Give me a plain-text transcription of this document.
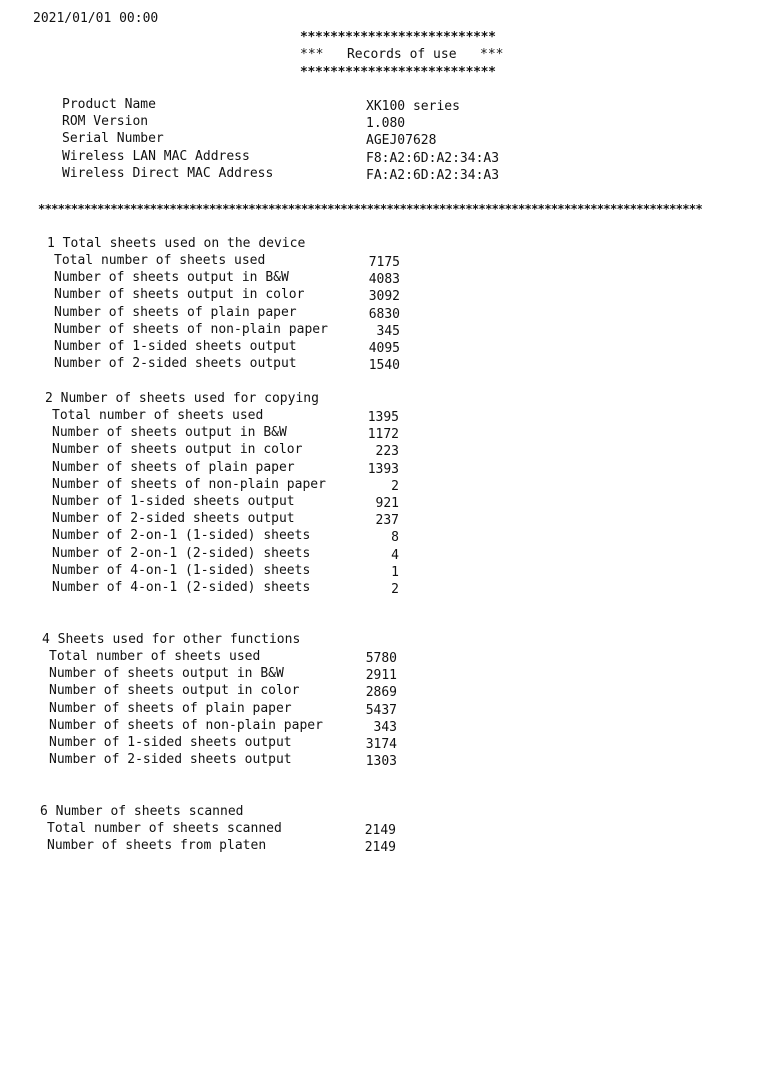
2021/01/01 00:00
**************************
***   Records of use   ***
**************************
Product Name	XK100 series
ROM Version	1.080
Serial Number	AGEJ07628
Wireless LAN MAC Address	F8:A2:6D:A2:34:A3
Wireless Direct MAC Address	FA:A2:6D:A2:34:A3
*****************************************************************************************************
1 Total sheets used on the device
Total number of sheets used	7175
Number of sheets output in B&W	4083
Number of sheets output in color	3092
Number of sheets of plain paper	6830
Number of sheets of non-plain paper	345
Number of 1-sided sheets output	4095
Number of 2-sided sheets output	1540
2 Number of sheets used for copying
Total number of sheets used	1395
Number of sheets output in B&W	1172
Number of sheets output in color	223
Number of sheets of plain paper	1393
Number of sheets of non-plain paper	2
Number of 1-sided sheets output	921
Number of 2-sided sheets output	237
Number of 2-on-1 (1-sided) sheets	8
Number of 2-on-1 (2-sided) sheets	4
Number of 4-on-1 (1-sided) sheets	1
Number of 4-on-1 (2-sided) sheets	2
4 Sheets used for other functions
Total number of sheets used	5780
Number of sheets output in B&W	2911
Number of sheets output in color	2869
Number of sheets of plain paper	5437
Number of sheets of non-plain paper	343
Number of 1-sided sheets output	3174
Number of 2-sided sheets output	1303
6 Number of sheets scanned
Total number of sheets scanned	2149
Number of sheets from platen	2149
